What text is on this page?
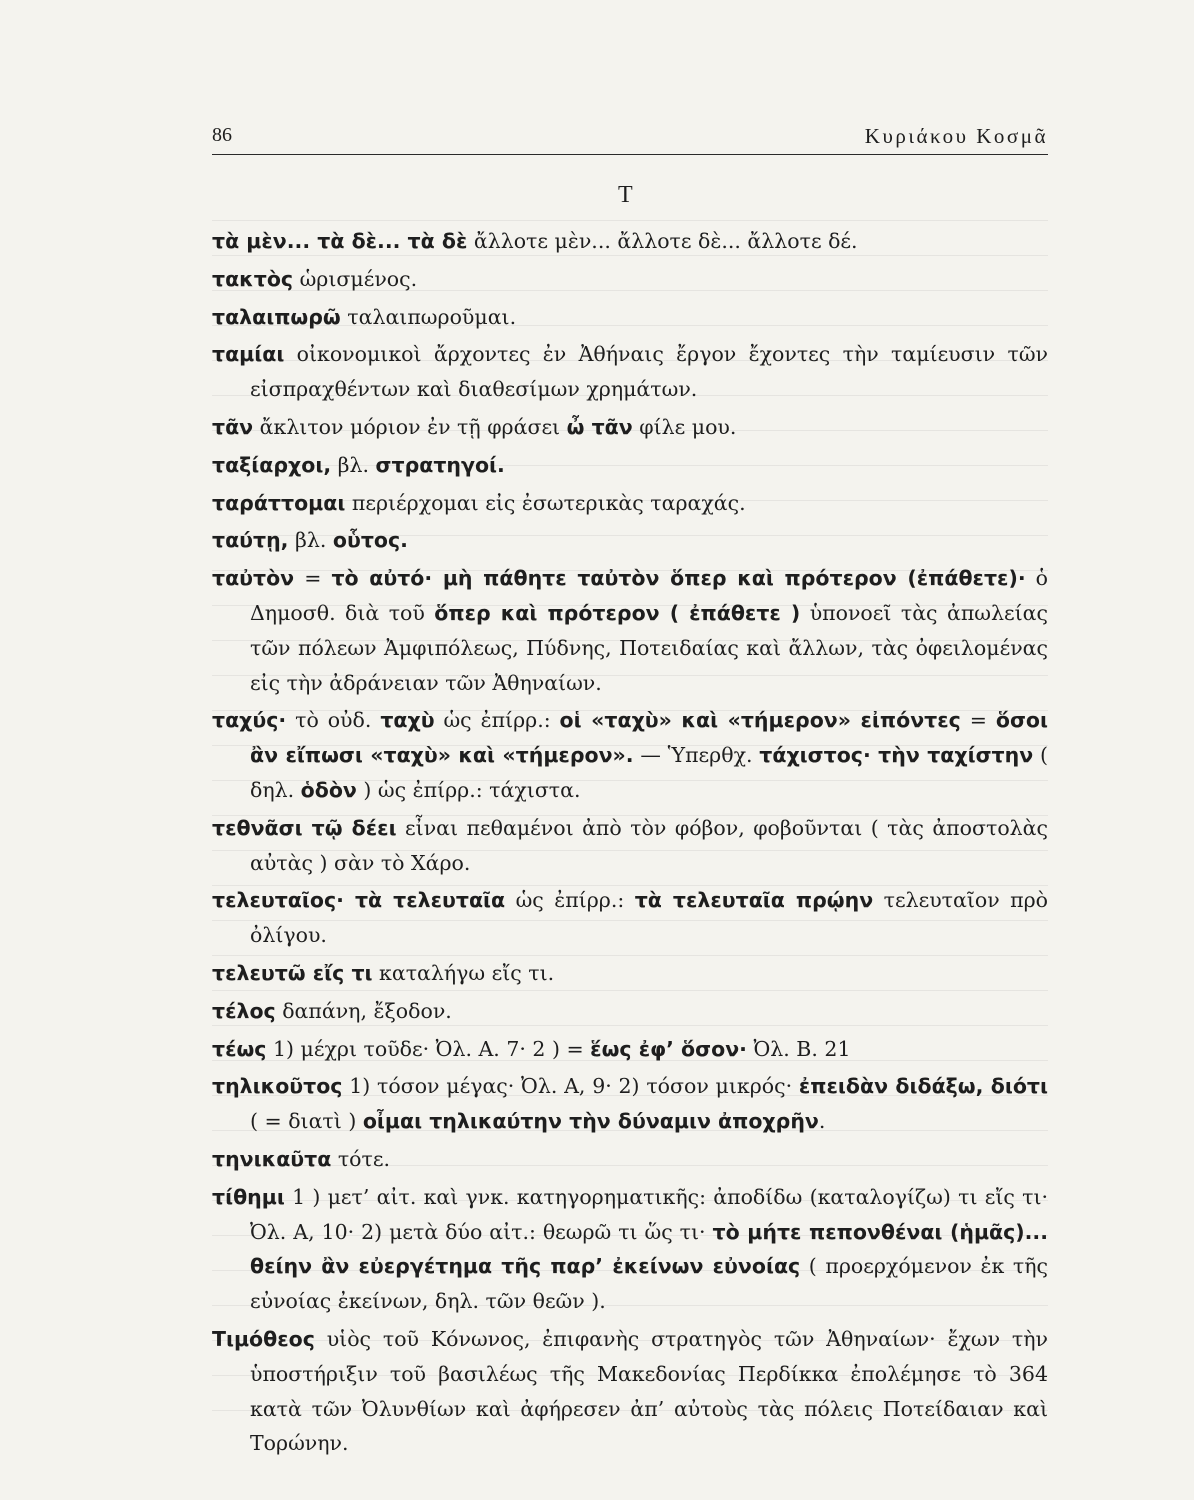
86	Κυριάκου Κοσμᾶ
Τ

τὰ μὲν... τὰ δὲ... τὰ δὲ ἄλλοτε μὲν... ἄλλοτε δὲ... ἄλλοτε δέ.

τακτὸς ὡρισμένος.

ταλαιπωρῶ ταλαιπωροῦμαι.

ταμίαι οἰκονομικοὶ ἄρχοντες ἐν Ἀθήναις ἔργον ἔχοντες τὴν ταμίευσιν τῶν εἰσπραχθέντων καὶ διαθεσίμων χρημάτων.

τᾶν ἄκλιτον μόριον ἐν τῇ φράσει ὦ τᾶν φίλε μου.

ταξίαρχοι, βλ. στρατηγοί.

ταράττομαι περιέρχομαι εἰς ἐσωτερικὰς ταραχάς.

ταύτῃ, βλ. οὗτος.

ταὐτὸν = τὸ αὐτό· μὴ πάθητε ταὐτὸν ὅπερ καὶ πρότερον (ἐπάθετε)· ὁ Δημοσθ. διὰ τοῦ ὅπερ καὶ πρότερον ( ἐπάθετε ) ὑπονοεῖ τὰς ἀπωλείας τῶν πόλεων Ἀμφιπόλεως, Πύδνης, Ποτειδαίας καὶ ἄλλων, τὰς ὀφειλομένας εἰς τὴν ἀδράνειαν τῶν Ἀθηναίων.

ταχύς· τὸ οὐδ. ταχὺ ὡς ἐπίρρ.: οἱ «ταχὺ» καὶ «τήμερον» εἰπόντες = ὅσοι ἂν εἴπωσι «ταχὺ» καὶ «τήμερον». — Ὑπερθχ. τάχιστος· τὴν ταχίστην ( δηλ. ὁδὸν ) ὡς ἐπίρρ.: τάχιστα.

τεθνᾶσι τῷ δέει εἶναι πεθαμένοι ἀπὸ τὸν φόβον, φοβοῦνται ( τὰς ἀποστολὰς αὐτὰς ) σὰν τὸ Χάρο.

τελευταῖος· τὰ τελευταῖα ὡς ἐπίρρ.: τὰ τελευταῖα πρῴην τελευταῖον πρὸ ὀλίγου.

τελευτῶ εἴς τι καταλήγω εἴς τι.

τέλος δαπάνη, ἔξοδον.

τέως 1) μέχρι τοῦδε· Ὀλ. Α. 7· 2 ) = ἕως ἐφ’ ὅσον· Ὀλ. Β. 21

τηλικοῦτος 1) τόσον μέγας· Ὀλ. Α, 9· 2) τόσον μικρός· ἐπειδὰν διδάξω, διότι ( = διατὶ ) οἶμαι τηλικαύτην τὴν δύναμιν ἀποχρῆν.

τηνικαῦτα τότε.

τίθημι 1 ) μετ’ αἰτ. καὶ γνκ. κατηγορηματικῆς: ἀποδίδω (καταλογίζω) τι εἴς τι· Ὀλ. Α, 10· 2) μετὰ δύο αἰτ.: θεωρῶ τι ὥς τι· τὸ μήτε πεπονθέναι (ἡμᾶς)... θείην ἂν εὐεργέτημα τῆς παρ’ ἐκείνων εὐνοίας ( προερχόμενον ἐκ τῆς εὐνοίας ἐκείνων, δηλ. τῶν θεῶν ).

Τιμόθεος υἱὸς τοῦ Κόνωνος, ἐπιφανὴς στρατηγὸς τῶν Ἀθηναίων· ἔχων τὴν ὑποστήριξιν τοῦ βασιλέως τῆς Μακεδονίας Περδίκκα ἐπολέμησε τὸ 364 κατὰ τῶν Ὀλυνθίων καὶ ἀφήρεσεν ἀπ’ αὐτοὺς τὰς πόλεις Ποτείδαιαν καὶ Τορώνην.
